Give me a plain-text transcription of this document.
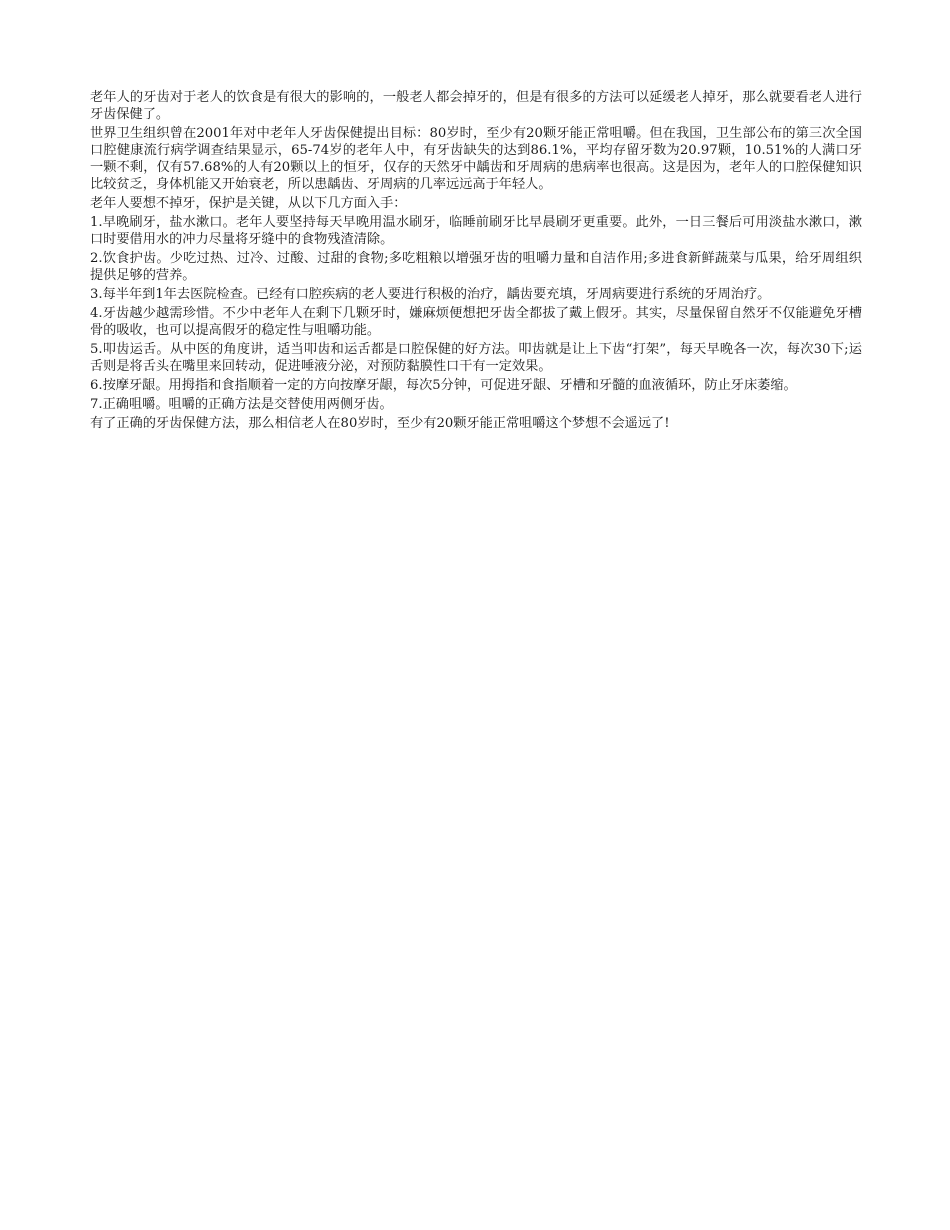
老年人的牙齿对于老人的饮食是有很大的影响的，一般老人都会掉牙的，但是有很多的方法可以延缓老人掉牙，那么就要看老人进行牙齿保健了。

世界卫生组织曾在2001年对中老年人牙齿保健提出目标：80岁时，至少有20颗牙能正常咀嚼。但在我国，卫生部公布的第三次全国口腔健康流行病学调查结果显示，65-74岁的老年人中，有牙齿缺失的达到86.1%，平均存留牙数为20.97颗，10.51%的人满口牙一颗不剩，仅有57.68%的人有20颗以上的恒牙，仅存的天然牙中龋齿和牙周病的患病率也很高。这是因为，老年人的口腔保健知识比较贫乏，身体机能又开始衰老，所以患龋齿、牙周病的几率远远高于年轻人。

老年人要想不掉牙，保护是关键，从以下几方面入手：

1.早晚刷牙，盐水漱口。老年人要坚持每天早晚用温水刷牙，临睡前刷牙比早晨刷牙更重要。此外，一日三餐后可用淡盐水漱口，漱口时要借用水的冲力尽量将牙缝中的食物残渣清除。

2.饮食护齿。少吃过热、过冷、过酸、过甜的食物;多吃粗粮以增强牙齿的咀嚼力量和自洁作用;多进食新鲜蔬菜与瓜果，给牙周组织提供足够的营养。

3.每半年到1年去医院检查。已经有口腔疾病的老人要进行积极的治疗，龋齿要充填，牙周病要进行系统的牙周治疗。

4.牙齿越少越需珍惜。不少中老年人在剩下几颗牙时，嫌麻烦便想把牙齿全都拔了戴上假牙。其实，尽量保留自然牙不仅能避免牙槽骨的吸收，也可以提高假牙的稳定性与咀嚼功能。

5.叩齿运舌。从中医的角度讲，适当叩齿和运舌都是口腔保健的好方法。叩齿就是让上下齿“打架”，每天早晚各一次，每次30下;运舌则是将舌头在嘴里来回转动，促进唾液分泌，对预防黏膜性口干有一定效果。

6.按摩牙龈。用拇指和食指顺着一定的方向按摩牙龈，每次5分钟，可促进牙龈、牙槽和牙髓的血液循环，防止牙床萎缩。

7.正确咀嚼。咀嚼的正确方法是交替使用两侧牙齿。

有了正确的牙齿保健方法，那么相信老人在80岁时，至少有20颗牙能正常咀嚼这个梦想不会遥远了!
